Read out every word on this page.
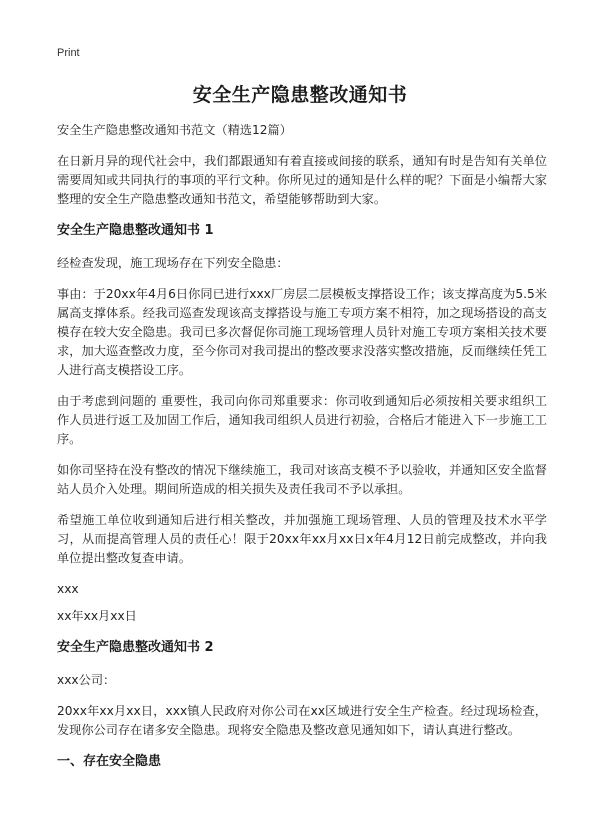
Print
安全生产隐患整改通知书

安全生产隐患整改通知书范文（精选12篇）

在日新月异的现代社会中，我们都跟通知有着直接或间接的联系，通知有时是告知有关单位需要周知或共同执行的事项的平行文种。你所见过的通知是什么样的呢？下面是小编帮大家整理的安全生产隐患整改通知书范文，希望能够帮助到大家。

安全生产隐患整改通知书 1

经检查发现，施工现场存在下列安全隐患：

事由：于20xx年4月6日你同已进行xxx厂房层二层模板支撑搭设工作；该支撑高度为5.5米属高支撑体系。经我司巡查发现该高支撑搭设与施工专项方案不相符，加之现场搭设的高支模存在较大安全隐患。我司已多次督促你司施工现场管理人员针对施工专项方案相关技术要求，加大巡查整改力度，至今你司对我司提出的整改要求没落实整改措施，反而继续任凭工人进行高支模搭设工序。

由于考虑到问题的 重要性，我司向你司郑重要求：你司收到通知后必须按相关要求组织工作人员进行返工及加固工作后，通知我司组织人员进行初验，合格后才能进入下一步施工工序。

如你司坚持在没有整改的情况下继续施工，我司对该高支模不予以验收，并通知区安全监督站人员介入处理。期间所造成的相关损失及责任我司不予以承担。

希望施工单位收到通知后进行相关整改，并加强施工现场管理、人员的管理及技术水平学习，从而提高管理人员的责任心！限于20xx年xx月xx日x年4月12日前完成整改，并向我单位提出整改复查申请。

xxx

xx年xx月xx日

安全生产隐患整改通知书 2

xxx公司：

20xx年xx月xx日，xxx镇人民政府对你公司在xx区域进行安全生产检查。经过现场检查，发现你公司存在诸多安全隐患。现将安全隐患及整改意见通知如下，请认真进行整改。

一、存在安全隐患
